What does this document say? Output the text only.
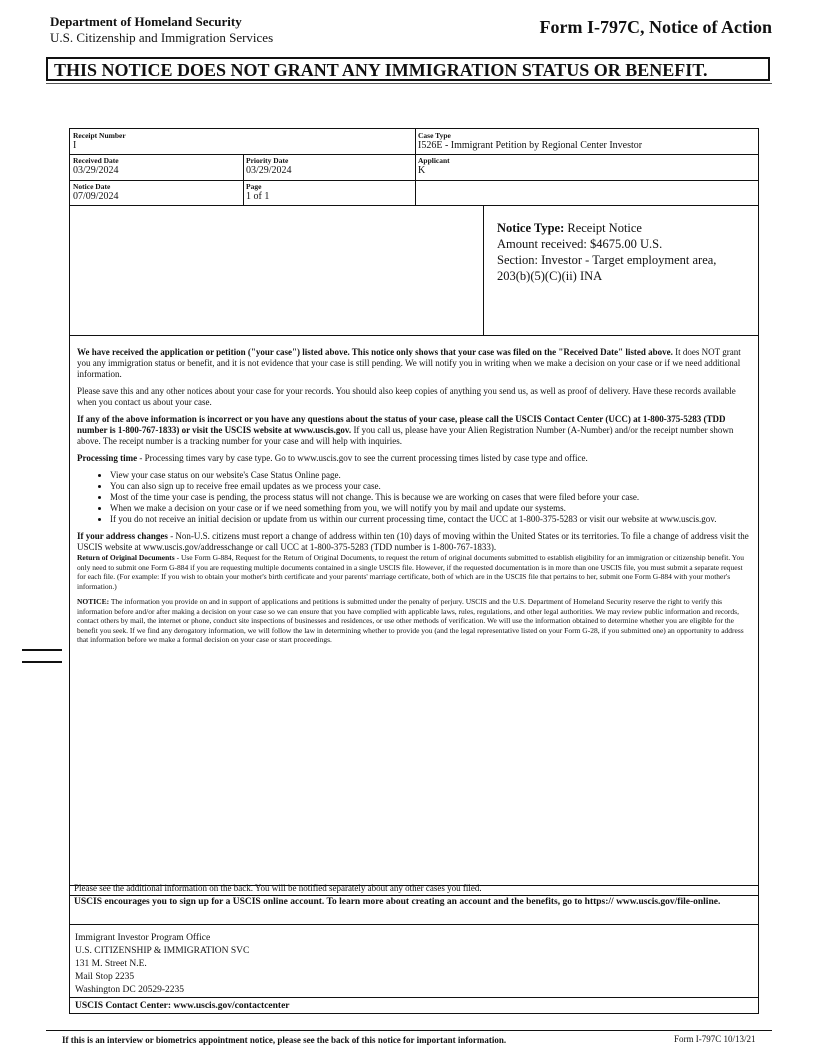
Department of Homeland Security
U.S. Citizenship and Immigration Services
Form I-797C, Notice of Action
THIS NOTICE DOES NOT GRANT ANY IMMIGRATION STATUS OR BENEFIT.
Receipt Number
I
Case Type
I526E - Immigrant Petition by Regional Center Investor
Received Date
03/29/2024
Priority Date
03/29/2024
Applicant
K
Notice Date
07/09/2024
Page
1 of 1
Notice Type: Receipt Notice
Amount received: $4675.00 U.S.
Section: Investor - Target employment area, 203(b)(5)(C)(ii) INA

We have received the application or petition ("your case") listed above. This notice only shows that your case was filed on the "Received Date" listed above. It does NOT grant you any immigration status or benefit, and it is not evidence that your case is still pending. We will notify you in writing when we make a decision on your case or if we need additional information.

Please save this and any other notices about your case for your records. You should also keep copies of anything you send us, as well as proof of delivery. Have these records available when you contact us about your case.

If any of the above information is incorrect or you have any questions about the status of your case, please call the USCIS Contact Center (UCC) at 1-800-375-5283 (TDD number is 1-800-767-1833) or visit the USCIS website at www.uscis.gov. If you call us, please have your Alien Registration Number (A-Number) and/or the receipt number shown above. The receipt number is a tracking number for your case and will help with inquiries.

Processing time - Processing times vary by case type. Go to www.uscis.gov to see the current processing times listed by case type and office.

• View your case status on our website's Case Status Online page.
• You can also sign up to receive free email updates as we process your case.
• Most of the time your case is pending, the process status will not change. This is because we are working on cases that were filed before your case.
• When we make a decision on your case or if we need something from you, we will notify you by mail and update our systems.
• If you do not receive an initial decision or update from us within our current processing time, contact the UCC at 1-800-375-5283 or visit our website at www.uscis.gov.

If your address changes - Non-U.S. citizens must report a change of address within ten (10) days of moving within the United States or its territories. To file a change of address visit the USCIS website at www.uscis.gov/addresschange or call UCC at 1-800-375-5283 (TDD number is 1-800-767-1833).

Return of Original Documents - Use Form G-884, Request for the Return of Original Documents, to request the return of original documents submitted to establish eligibility for an immigration or citizenship benefit. You only need to submit one Form G-884 if you are requesting multiple documents contained in a single USCIS file. However, if the requested documentation is in more than one USCIS file, you must submit a separate request for each file. (For example: If you wish to obtain your mother's birth certificate and your parents' marriage certificate, both of which are in the USCIS file that pertains to her, submit one Form G-884 with your mother's information.)

NOTICE: The information you provide on and in support of applications and petitions is submitted under the penalty of perjury. USCIS and the U.S. Department of Homeland Security reserve the right to verify this information before and/or after making a decision on your case so we can ensure that you have complied with applicable laws, rules, regulations, and other legal authorities. We may review public information and records, contact others by mail, the internet or phone, conduct site inspections of businesses and residences, or use other methods of verification. We will use the information obtained to determine whether you are eligible for the benefit you seek. If we find any derogatory information, we will follow the law in determining whether to provide you (and the legal representative listed on your Form G-28, if you submitted one) an opportunity to address that information before we make a formal decision on your case or start proceedings.

Please see the additional information on the back. You will be notified separately about any other cases you filed.
USCIS encourages you to sign up for a USCIS online account. To learn more about creating an account and the benefits, go to https:// www.uscis.gov/file-online.
Immigrant Investor Program Office
U.S. CITIZENSHIP & IMMIGRATION SVC
131 M. Street N.E.
Mail Stop 2235
Washington DC 20529-2235
USCIS Contact Center: www.uscis.gov/contactcenter
If this is an interview or biometrics appointment notice, please see the back of this notice for important information.	Form I-797C 10/13/21
